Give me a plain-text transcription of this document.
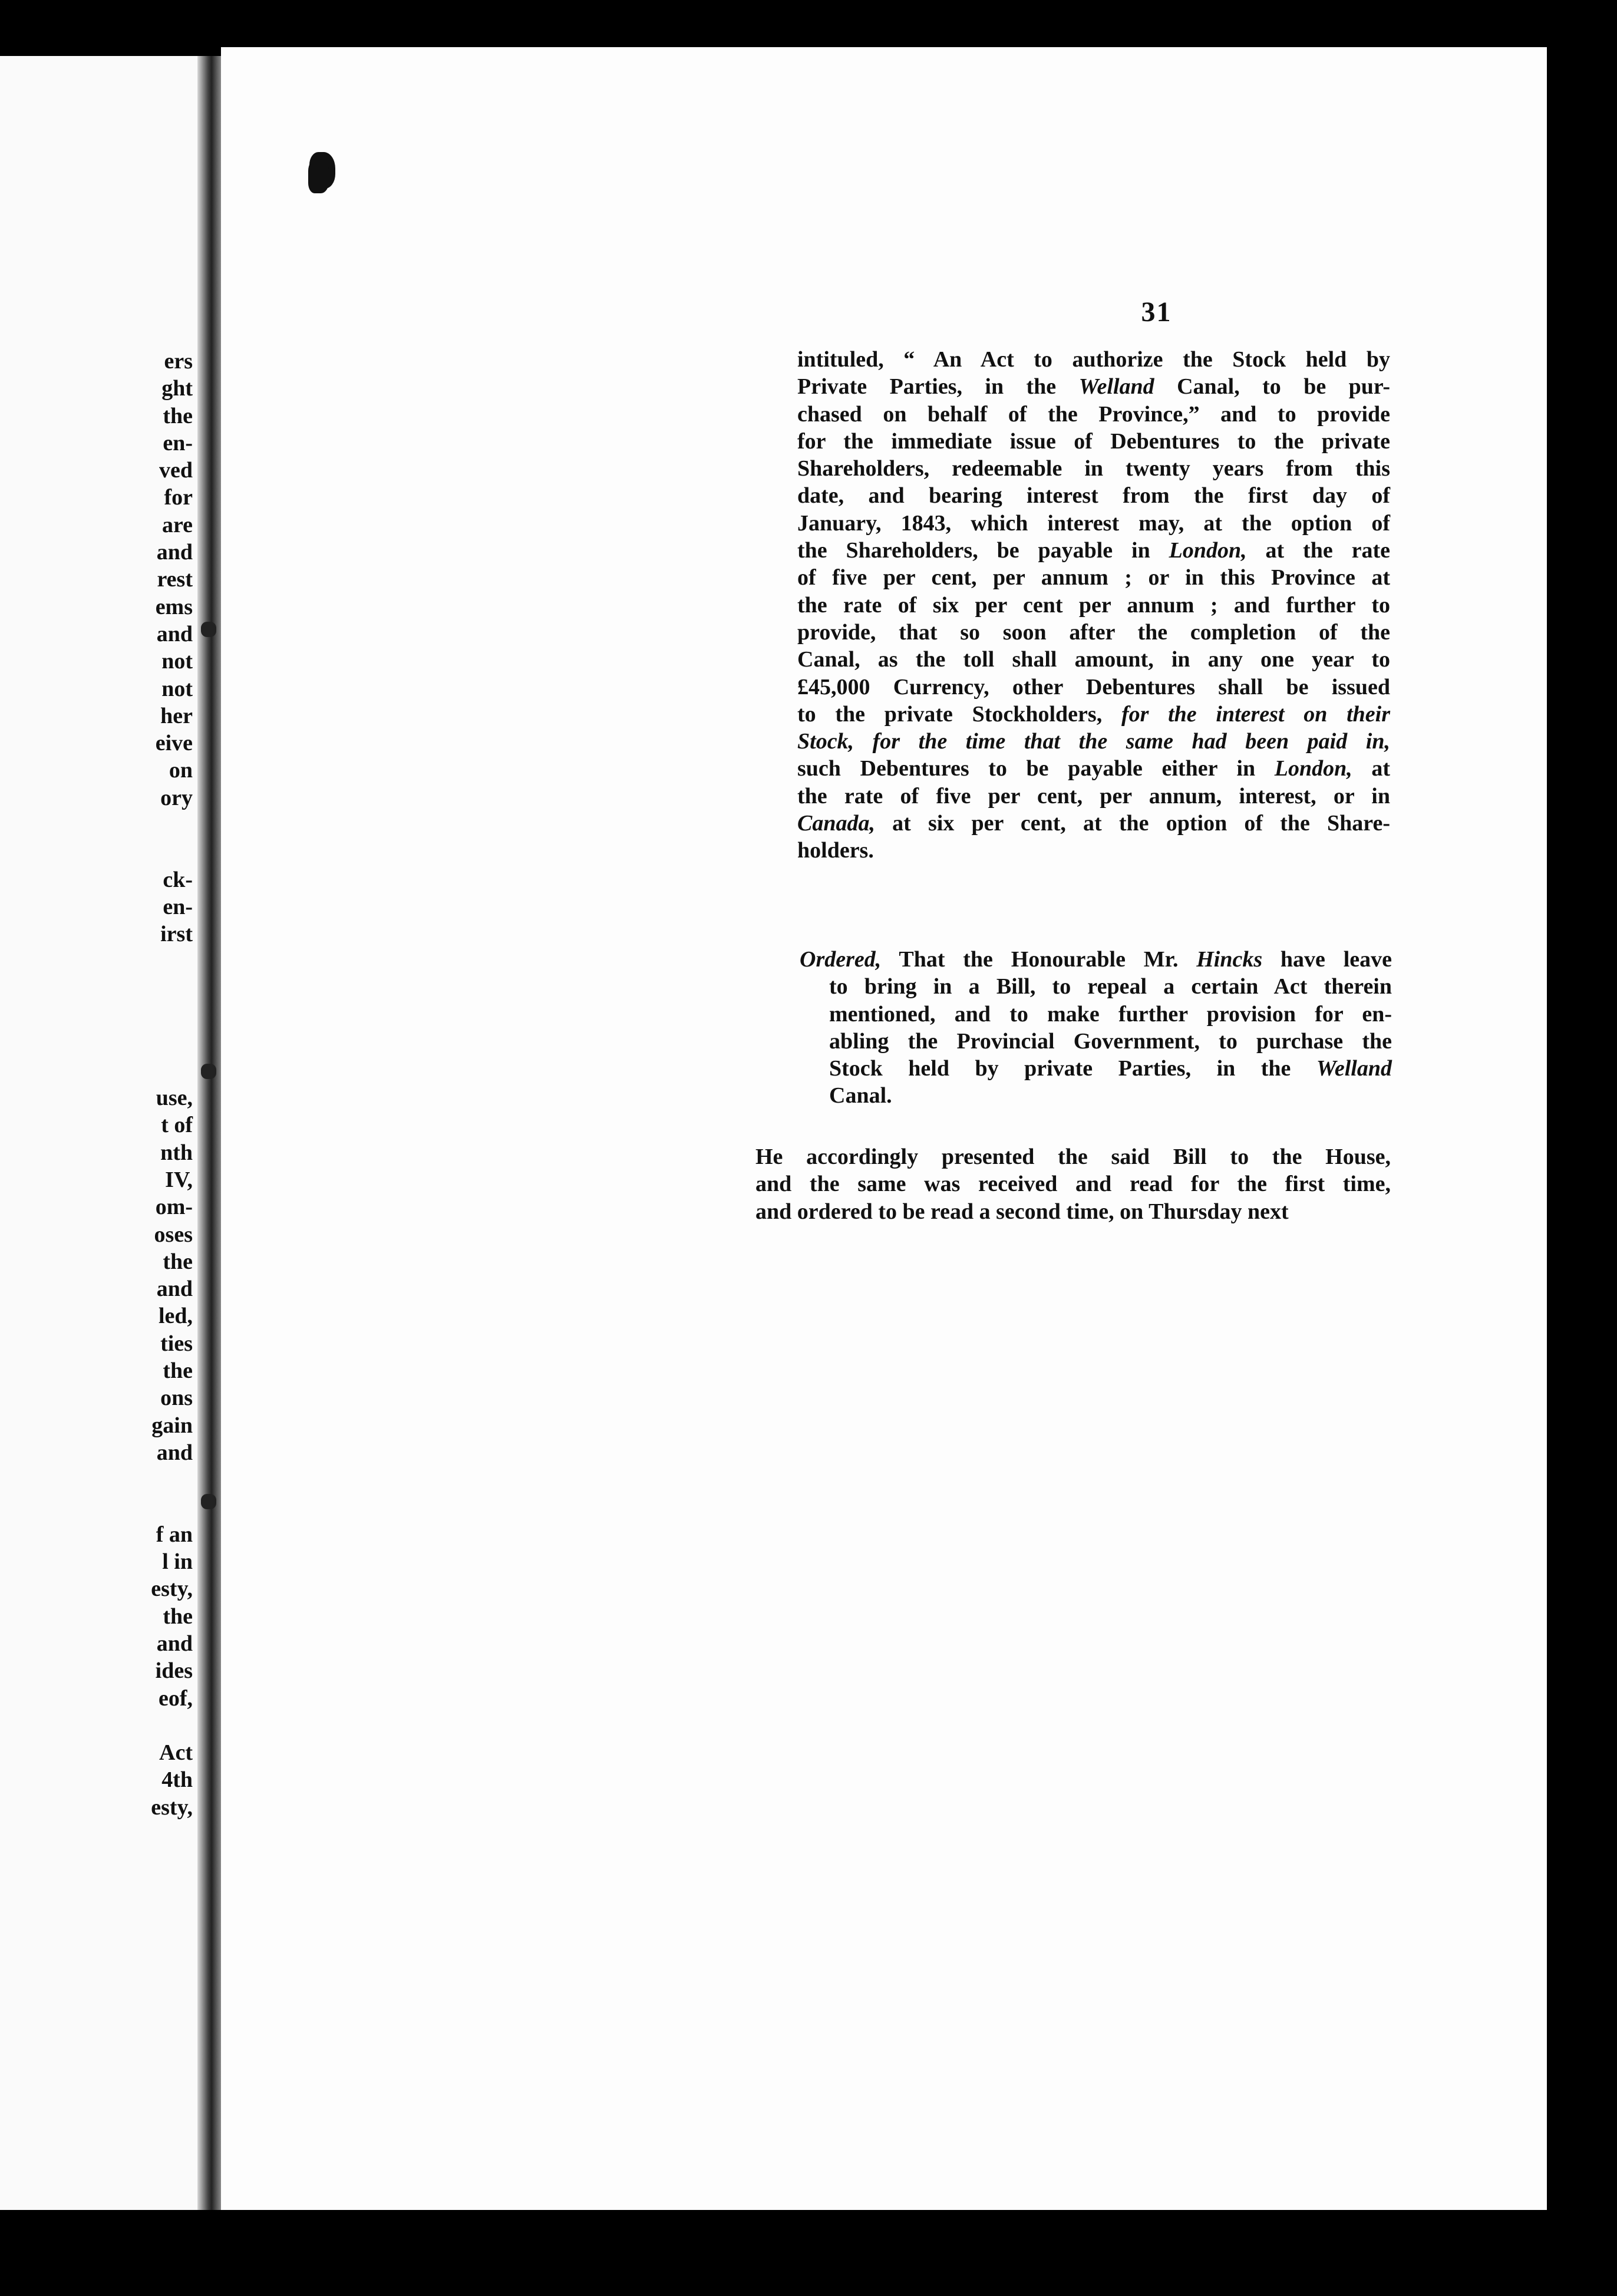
ers
ght
the
en-
ved
for
are
and
rest
ems
and
not
not
her
eive
on
ory
ck-
en-
irst
use,
t of
nth
IV,
om-
oses
the
and
led,
ties
the
ons
gain
and
f an
l in
esty,
the
and
ides
eof,
Act
4th
esty,
31
intituled, “ An Act to authorize the Stock held by
Private Parties, in the Welland Canal, to be pur-
chased on behalf of the Province,” and to provide
for the immediate issue of Debentures to the private
Shareholders, redeemable in twenty years from this
date, and bearing interest from the first day of
January, 1843, which interest may, at the option of
the Shareholders, be payable in London, at the rate
of five per cent, per annum ; or in this Province at
the rate of six per cent per annum ; and further to
provide, that so soon after the completion of the
Canal, as the toll shall amount, in any one year to
£45,000 Currency, other Debentures shall be issued
to the private Stockholders, for the interest on their
Stock, for the time that the same had been paid in,
such Debentures to be payable either in London, at
the rate of five per cent, per annum, interest, or in
Canada, at six per cent, at the option of the Share-
holders.
Ordered, That the Honourable Mr. Hincks have leave
to bring in a Bill, to repeal a certain Act therein
mentioned, and to make further provision for en-
abling the Provincial Government, to purchase the
Stock held by private Parties, in the Welland
Canal.
He accordingly presented the said Bill to the House,
and the same was received and read for the first time,
and ordered to be read a second time, on Thursday next
